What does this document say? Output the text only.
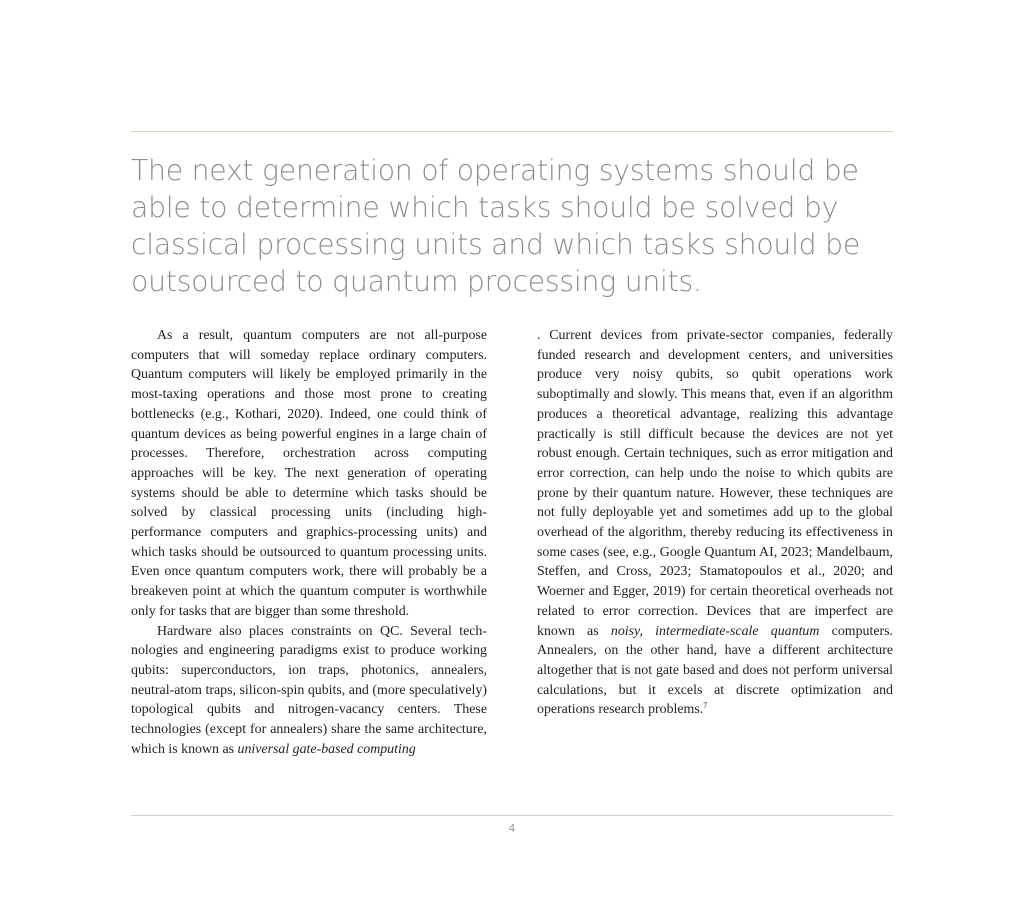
The next generation of operating systems should be able to determine which tasks should be solved by classical processing units and which tasks should be outsourced to quantum processing units.

As a result, quantum computers are not all-purpose computers that will someday replace ordinary computers. Quantum computers will likely be employed primarily in the most-taxing operations and those most prone to creating bottlenecks (e.g., Kothari, 2020). Indeed, one could think of quantum devices as being powerful engines in a large chain of processes. Therefore, orchestration across computing approaches will be key. The next generation of operating systems should be able to determine which tasks should be solved by classical processing units (including high-performance computers and graphics-processing units) and which tasks should be outsourced to quantum processing units. Even once quantum computers work, there will probably be a breakeven point at which the quantum computer is worthwhile only for tasks that are bigger than some threshold.

Hardware also places constraints on QC. Several technologies and engineering paradigms exist to produce working qubits: superconductors, ion traps, photonics, annealers, neutral-atom traps, silicon-spin qubits, and (more speculatively) topological qubits and nitrogen-vacancy centers. These technologies (except for annealers) share the same architecture, which is known as universal gate-based computing

. Current devices from private-sector companies, federally funded research and development centers, and universities produce very noisy qubits, so qubit operations work suboptimally and slowly. This means that, even if an algorithm produces a theoretical advantage, realizing this advantage practically is still difficult because the devices are not yet robust enough. Certain techniques, such as error mitigation and error correction, can help undo the noise to which qubits are prone by their quantum nature. However, these techniques are not fully deployable yet and sometimes add up to the global overhead of the algorithm, thereby reducing its effectiveness in some cases (see, e.g., Google Quantum AI, 2023; Mandelbaum, Steffen, and Cross, 2023; Stamatopoulos et al., 2020; and Woerner and Egger, 2019) for certain theoretical overheads not related to error correction. Devices that are imperfect are known as noisy, intermediate-scale quantum computers. Annealers, on the other hand, have a different architecture altogether that is not gate based and does not perform universal calculations, but it excels at discrete optimization and operations research problems.$^7$

4
